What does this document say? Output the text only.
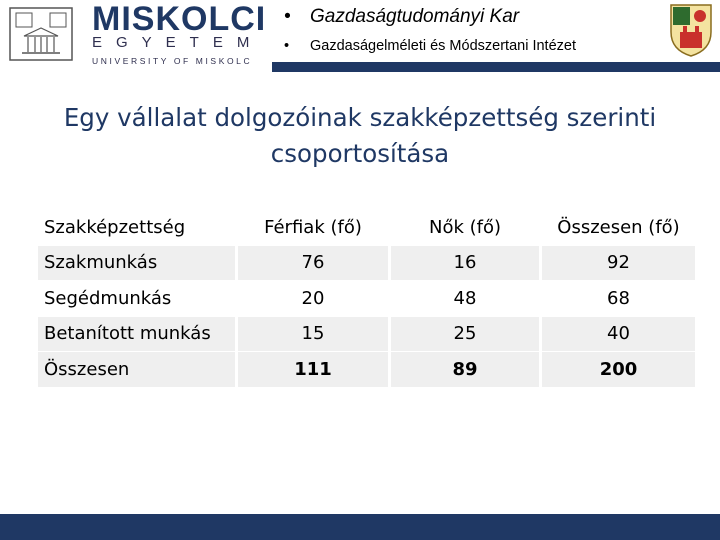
MISKOLCI
EGYETEM
UNIVERSITY OF MISKOLC
• Gazdaságtudományi Kar
• Gazdaságelméleti és Módszertani Intézet
Egy vállalat dolgozóinak szakképzettség szerinti
csoportosítása
Szakképzettség	Férfiak (fő)	Nők (fő)	Összesen (fő)
Szakmunkás	76	16	92
Segédmunkás	20	48	68
Betanított munkás	15	25	40
Összesen	111	89	200
